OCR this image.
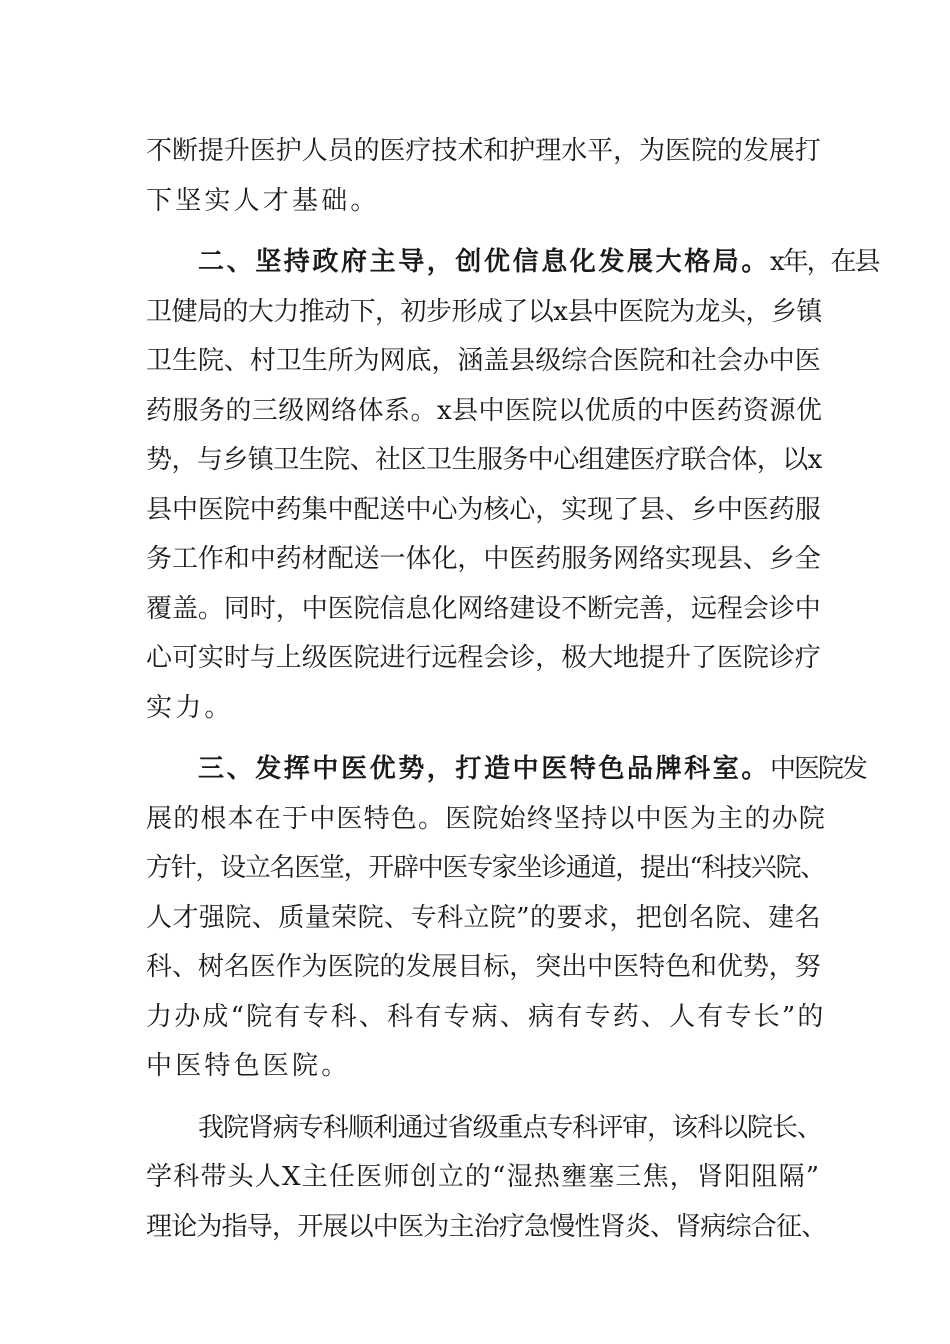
不断提升医护人员的医疗技术和护理水平，为医院的发展打
下坚实人才基础。
二、坚持政府主导，创优信息化发展大格局。x年，在县
卫健局的大力推动下，初步形成了以x县中医院为龙头，乡镇
卫生院、村卫生所为网底，涵盖县级综合医院和社会办中医
药服务的三级网络体系。x县中医院以优质的中医药资源优
势，与乡镇卫生院、社区卫生服务中心组建医疗联合体，以x
县中医院中药集中配送中心为核心，实现了县、乡中医药服
务工作和中药材配送一体化，中医药服务网络实现县、乡全
覆盖。同时，中医院信息化网络建设不断完善，远程会诊中
心可实时与上级医院进行远程会诊，极大地提升了医院诊疗
实力。
三、发挥中医优势，打造中医特色品牌科室。中医院发
展的根本在于中医特色。医院始终坚持以中医为主的办院
方针，设立名医堂，开辟中医专家坐诊通道，提出“科技兴院、
人才强院、质量荣院、专科立院”的要求，把创名院、建名
科、树名医作为医院的发展目标，突出中医特色和优势，努
力办成“院有专科、科有专病、病有专药、人有专长”的
中医特色医院。
我院肾病专科顺利通过省级重点专科评审，该科以院长、
学科带头人X主任医师创立的“湿热壅塞三焦，肾阳阻隔”
理论为指导，开展以中医为主治疗急慢性肾炎、肾病综合征、
